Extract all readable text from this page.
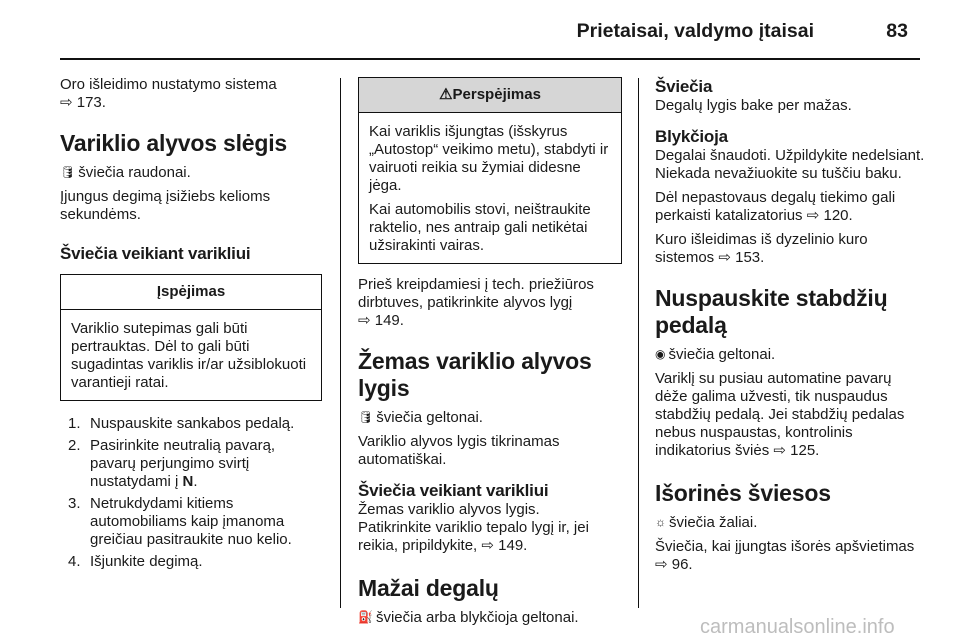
Prietaisai, valdymo įtaisai	83

Oro išleidimo nustatymo sistema
⇨ 173.

Variklio alyvos slėgis

🛢 šviečia raudonai.

Įjungus degimą įsižiebs kelioms sekundėms.

Šviečia veikiant varikliui
Įspėjimas

Variklio sutepimas gali būti pertrauktas. Dėl to gali būti sugadintas variklis ir/ar užsiblokuoti varantieji ratai.

1. Nuspauskite sankabos pedalą.
2. Pasirinkite neutralią pavarą, pavarų perjungimo svirtį nustatydami į N.
3. Netrukdydami kitiems automobiliams kaip įmanoma greičiau pasitraukite nuo kelio.
4. Išjunkite degimą.
⚠Perspėjimas

Kai variklis išjungtas (išskyrus „Autostop“ veikimo metu), stabdyti ir vairuoti reikia su žymiai didesne jėga.

Kai automobilis stovi, neištraukite raktelio, nes antraip gali netikėtai užsirakinti vairas.

Prieš kreipdamiesi į tech. priežiūros dirbtuves, patikrinkite alyvos lygį
⇨ 149.

Žemas variklio alyvos lygis

🛢 šviečia geltonai.

Variklio alyvos lygis tikrinamas automatiškai.

Šviečia veikiant varikliui

Žemas variklio alyvos lygis.

Patikrinkite variklio tepalo lygį ir, jei reikia, pripildykite, ⇨ 149.

Mažai degalų

⛽ šviečia arba blykčioja geltonai.

Šviečia

Degalų lygis bake per mažas.

Blykčioja

Degalai šnaudoti. Užpildykite nedelsiant. Niekada nevažiuokite su tuščiu baku.

Dėl nepastovaus degalų tiekimo gali perkaisti katalizatorius ⇨ 120.

Kuro išleidimas iš dyzelinio kuro sistemos ⇨ 153.

Nuspauskite stabdžių
pedalą

◉ šviečia geltonai.

Variklį su pusiau automatine pavarų dėže galima užvesti, tik nuspaudus stabdžių pedalą. Jei stabdžių pedalas nebus nuspaustas, kontrolinis indikatorius šviės ⇨ 125.

Išorinės šviesos

☼ šviečia žaliai.

Šviečia, kai įjungtas išorės apšvietimas ⇨ 96.

carmanualsonline.info
